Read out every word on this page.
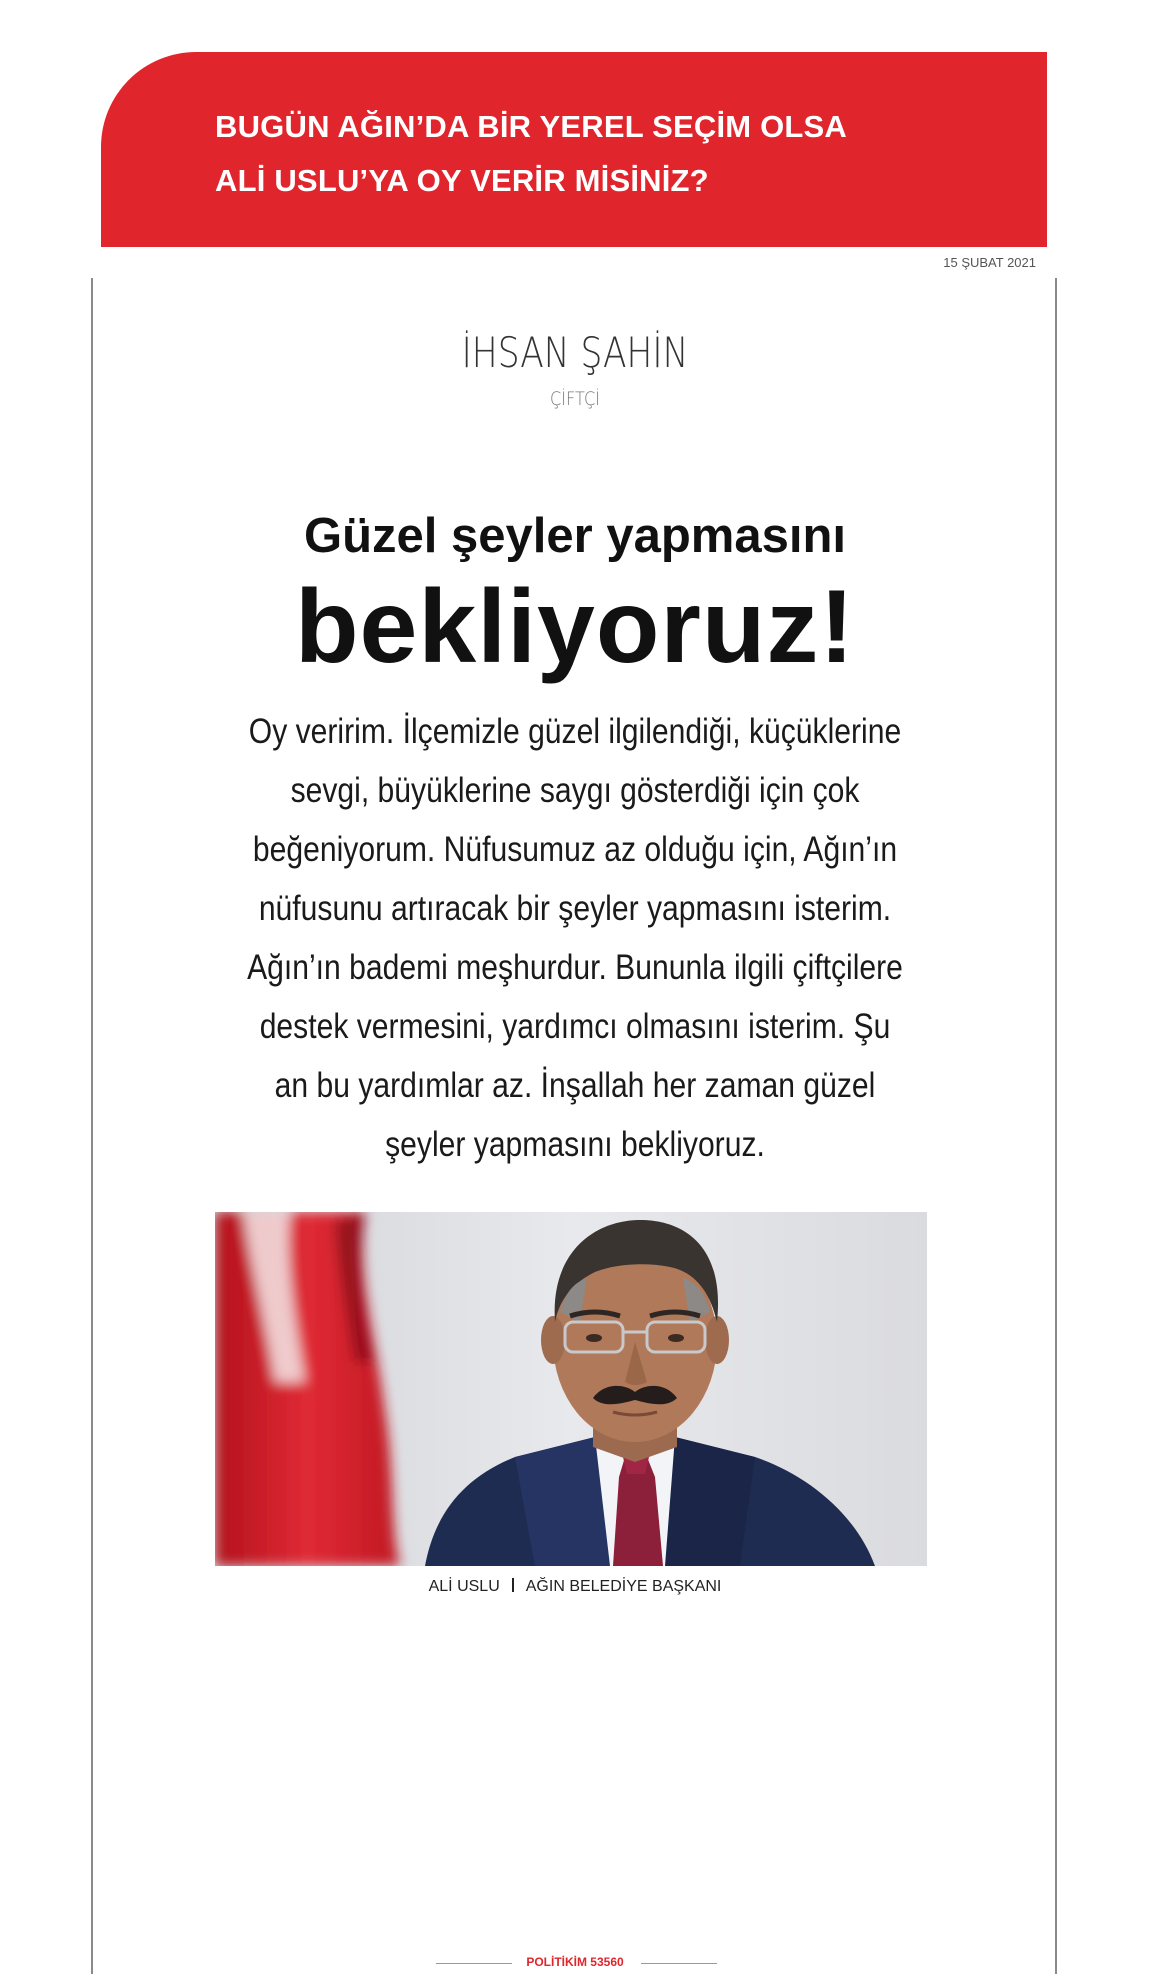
BUGÜN AĞIN’DA BİR YEREL SEÇİM OLSA
ALİ USLU’YA OY VERİR MİSİNİZ?
15 ŞUBAT 2021
İHSAN ŞAHİN
ÇİFTÇİ
Güzel şeyler yapmasını
bekliyoruz!
Oy veririm. İlçemizle güzel ilgilendiği, küçüklerine
sevgi, büyüklerine saygı gösterdiği için çok
beğeniyorum. Nüfusumuz az olduğu için, Ağın’ın
nüfusunu artıracak bir şeyler yapmasını isterim.
Ağın’ın bademi meşhurdur. Bununla ilgili çiftçilere
destek vermesini, yardımcı olmasını isterim. Şu
an bu yardımlar az. İnşallah her zaman güzel
şeyler yapmasını bekliyoruz.
ALİ USLU AĞIN BELEDİYE BAŞKANI
POLİTİKİM 53560
